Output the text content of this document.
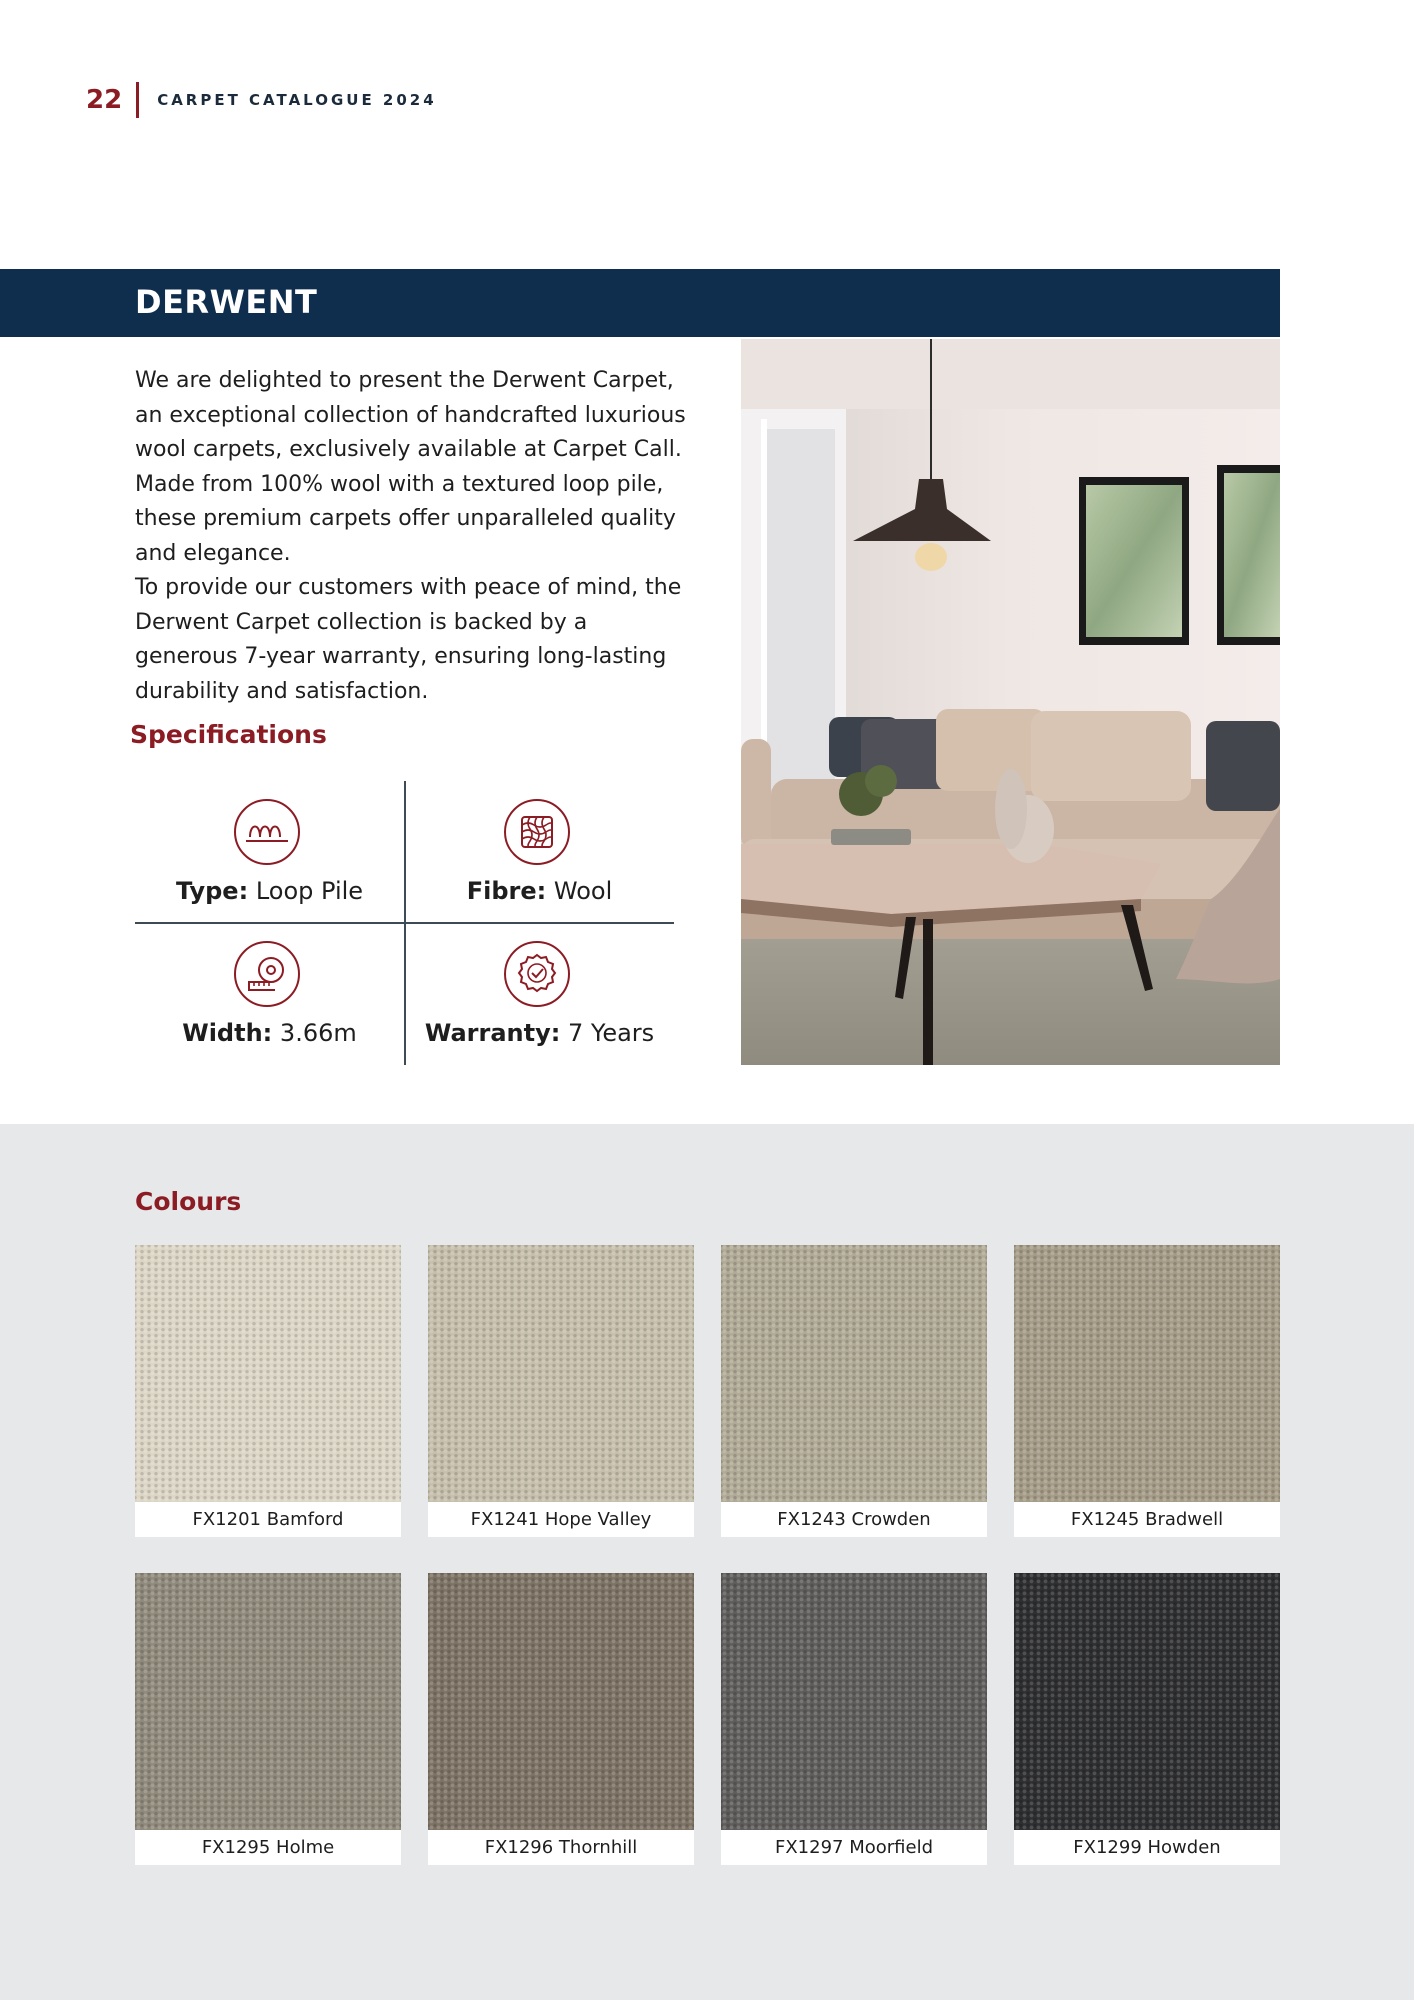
22 CARPET CATALOGUE 2024
DERWENT

We are delighted to present the Derwent Carpet, an exceptional collection of handcrafted luxurious wool carpets, exclusively available at Carpet Call. Made from 100% wool with a textured loop pile, these premium carpets offer unparalleled quality and elegance.

To provide our customers with peace of mind, the Derwent Carpet collection is backed by a generous 7-year warranty, ensuring long-lasting durability and satisfaction.

Specifications
Type: Loop Pile	Fibre: Wool
Width: 3.66m	Warranty: 7 Years
Colours
FX1201 Bamford	FX1241 Hope Valley	FX1243 Crowden	FX1245 Bradwell
FX1295 Holme	FX1296 Thornhill	FX1297 Moorfield	FX1299 Howden
